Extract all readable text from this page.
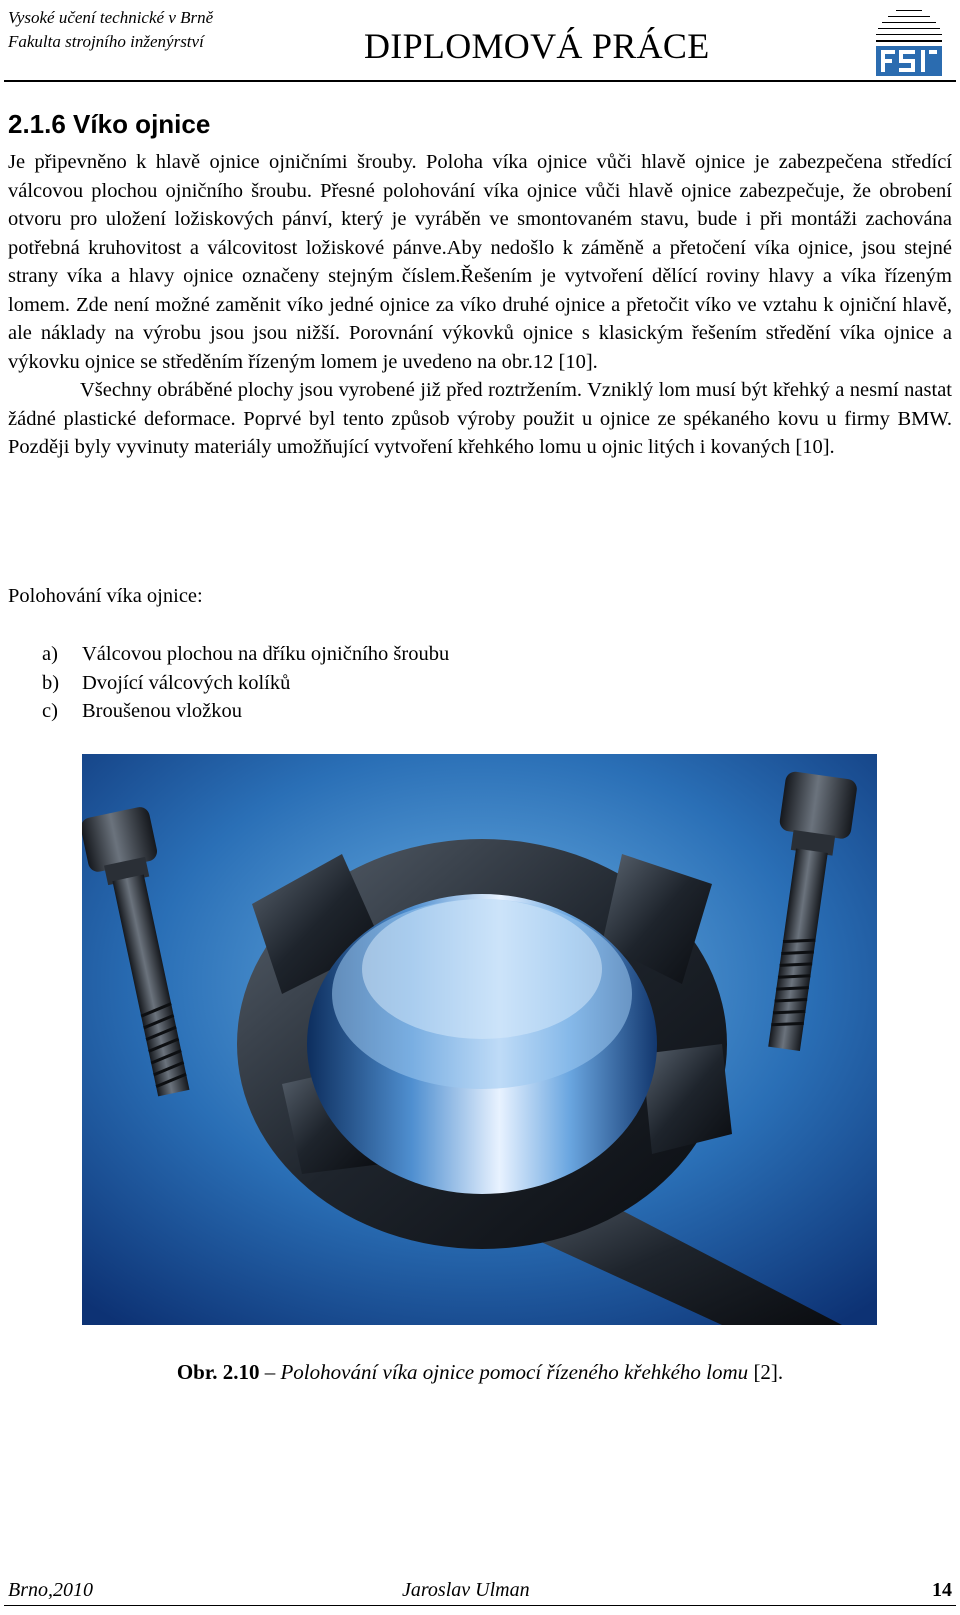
Vysoké učení technické v Brně
Fakulta strojního inženýrství	DIPLOMOVÁ PRÁCE
2.1.6 Víko ojnice

Je připevněno k hlavě ojnice ojničními šrouby. Poloha víka ojnice vůči hlavě ojnice je zabezpečena středící válcovou plochou ojničního šroubu. Přesné polohování víka ojnice vůči hlavě ojnice zabezpečuje, že obrobení otvoru pro uložení ložiskových pánví, který je vyráběn ve smontovaném stavu, bude i při montáži zachována potřebná kruhovitost a válcovitost ložiskové pánve.Aby nedošlo k záměně a přetočení víka ojnice, jsou stejné strany víka a hlavy ojnice označeny stejným číslem.Řešením je vytvoření dělící roviny hlavy a víka řízeným lomem. Zde není možné zaměnit víko jedné ojnice za víko druhé ojnice a přetočit víko ve vztahu k ojniční hlavě, ale náklady na výrobu jsou jsou nižší. Porovnání výkovků ojnice s klasickým řešením středění víka ojnice a výkovku ojnice se středěním řízeným lomem je uvedeno na obr.12 [10].

Všechny obráběné plochy jsou vyrobené již před roztržením. Vzniklý lom musí být křehký a nesmí nastat žádné plastické deformace. Poprvé byl tento způsob výroby použit u ojnice ze spékaného kovu u firmy BMW. Později byly vyvinuty materiály umožňující vytvoření křehkého lomu u ojnic litých i kovaných [10].

Polohování víka ojnice:
a)	Válcovou plochou na dříku ojničního šroubu
b)	Dvojící válcových kolíků
c)	Broušenou vložkou
Obr. 2.10 – Polohování víka ojnice pomocí řízeného křehkého lomu [2].
Brno,2010	Jaroslav Ulman	14
